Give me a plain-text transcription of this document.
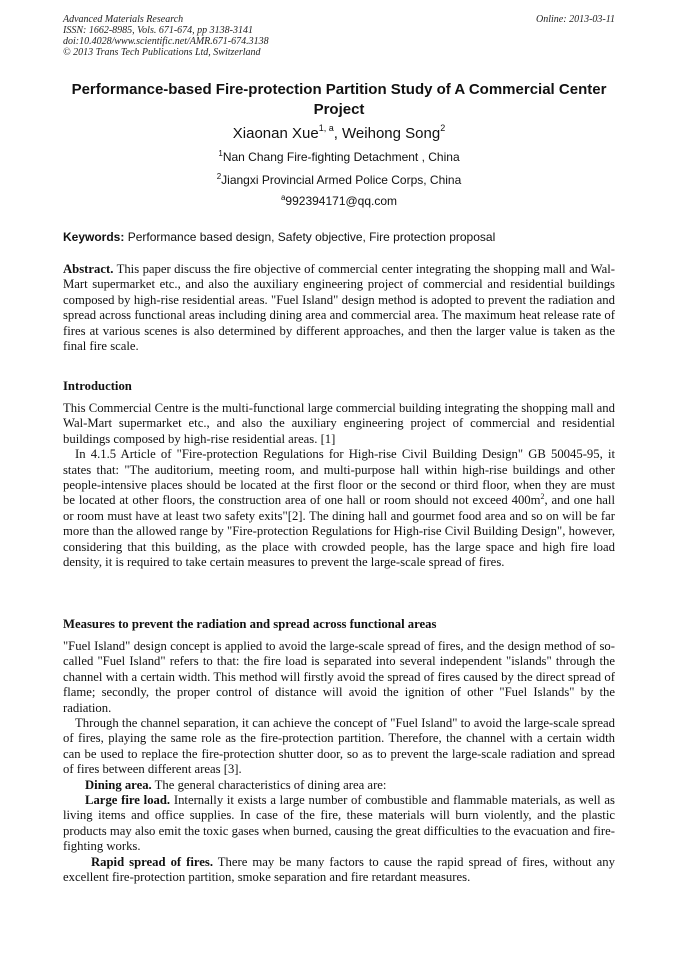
Advanced Materials Research
ISSN: 1662-8985, Vols. 671-674, pp 3138-3141
doi:10.4028/www.scientific.net/AMR.671-674.3138
© 2013 Trans Tech Publications Ltd, Switzerland
Online: 2013-03-11
Performance-based Fire-protection Partition Study of A Commercial Center Project
Xiaonan Xue$^{1, a}$, Weihong Song$^2$
$^1$Nan Chang Fire-fighting Detachment , China
$^2$Jiangxi Provincial Armed Police Corps, China
$^a$992394171@qq.com
Keywords: Performance based design, Safety objective, Fire protection proposal

Abstract. This paper discuss the fire objective of commercial center integrating the shopping mall and Wal-Mart supermarket etc., and also the auxiliary engineering project of commercial and residential buildings composed by high-rise residential areas. "Fuel Island" design method is adopted to prevent the radiation and spread across functional areas including dining area and commercial area. The maximum heat release rate of fires at various scenes is also determined by different approaches, and then the larger value is taken as the final fire scale.

Introduction

This Commercial Centre is the multi-functional large commercial building integrating the shopping mall and Wal-Mart supermarket etc., and also the auxiliary engineering project of commercial and residential buildings composed by high-rise residential areas. [1]

In 4.1.5 Article of "Fire-protection Regulations for High-rise Civil Building Design" GB 50045-95, it states that: "The auditorium, meeting room, and multi-purpose hall within high-rise buildings and other people-intensive places should be located at the first floor or the second or third floor, when they are must be located at other floors, the construction area of one hall or room should not exceed $400m^2$, and one hall or room must have at least two safety exits"[2]. The dining hall and gourmet food area and so on will be far more than the allowed range by "Fire-protection Regulations for High-rise Civil Building Design", however, considering that this building, as the place with crowded people, has the large space and high fire load density, it is required to take certain measures to prevent the large-scale spread of fires.

Measures to prevent the radiation and spread across functional areas

"Fuel Island" design concept is applied to avoid the large-scale spread of fires, and the design method of so-called "Fuel Island" refers to that: the fire load is separated into several independent "islands" through the channel with a certain width. This method will firstly avoid the spread of fires caused by the direct spread of flame; secondly, the proper control of distance will avoid the ignition of other "Fuel Islands" by the radiation.

Through the channel separation, it can achieve the concept of "Fuel Island" to avoid the large-scale spread of fires, playing the same role as the fire-protection partition. Therefore, the channel with a certain width can be used to replace the fire-protection shutter door, so as to prevent the large-scale radiation and spread of fires between different areas [3].

Dining area. The general characteristics of dining area are:

Large fire load. Internally it exists a large number of combustible and flammable materials, as well as living items and office supplies. In case of the fire, these materials will burn violently, and the plastic products may also emit the toxic gases when burned, causing the great difficulties to the evacuation and fire-fighting works.

Rapid spread of fires. There may be many factors to cause the rapid spread of fires, without any excellent fire-protection partition, smoke separation and fire retardant measures.
